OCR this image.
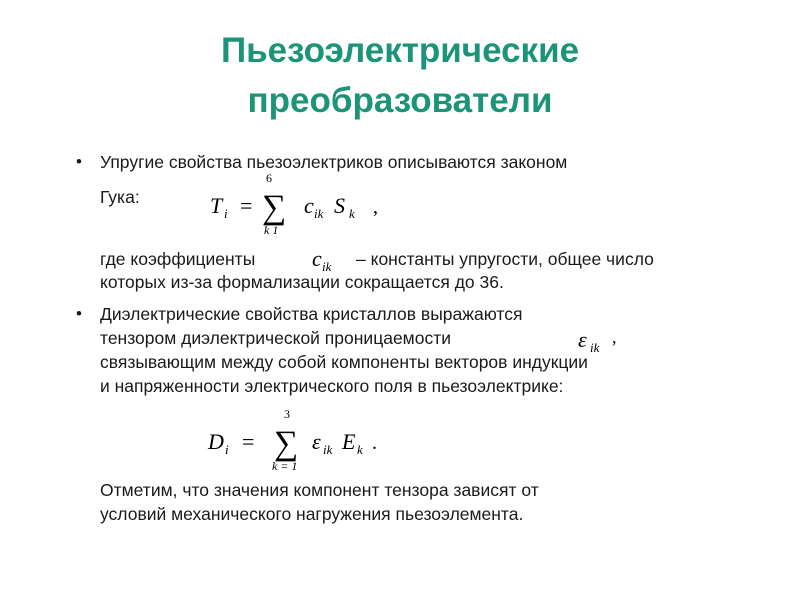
Пьезоэлектрические
преобразователи
• Упругие свойства пьезоэлектриков описываются законом
Гука:	T i =
6
∑
k 1
c ik S k ,
где коэффициенты	c ik – константы упругости, общее число
которых из-за формализации сокращается до 36.
• Диэлектрические свойства кристаллов выражаются
тензором диэлектрической проницаемости	ε ik
,
связывающим между собой компоненты векторов индукции
и напряженности электрического поля в пьезоэлектрике:
D i =
3
∑
k = 1
ε ik E k .
Отметим, что значения компонент тензора зависят от
условий механического нагружения пьезоэлемента.
